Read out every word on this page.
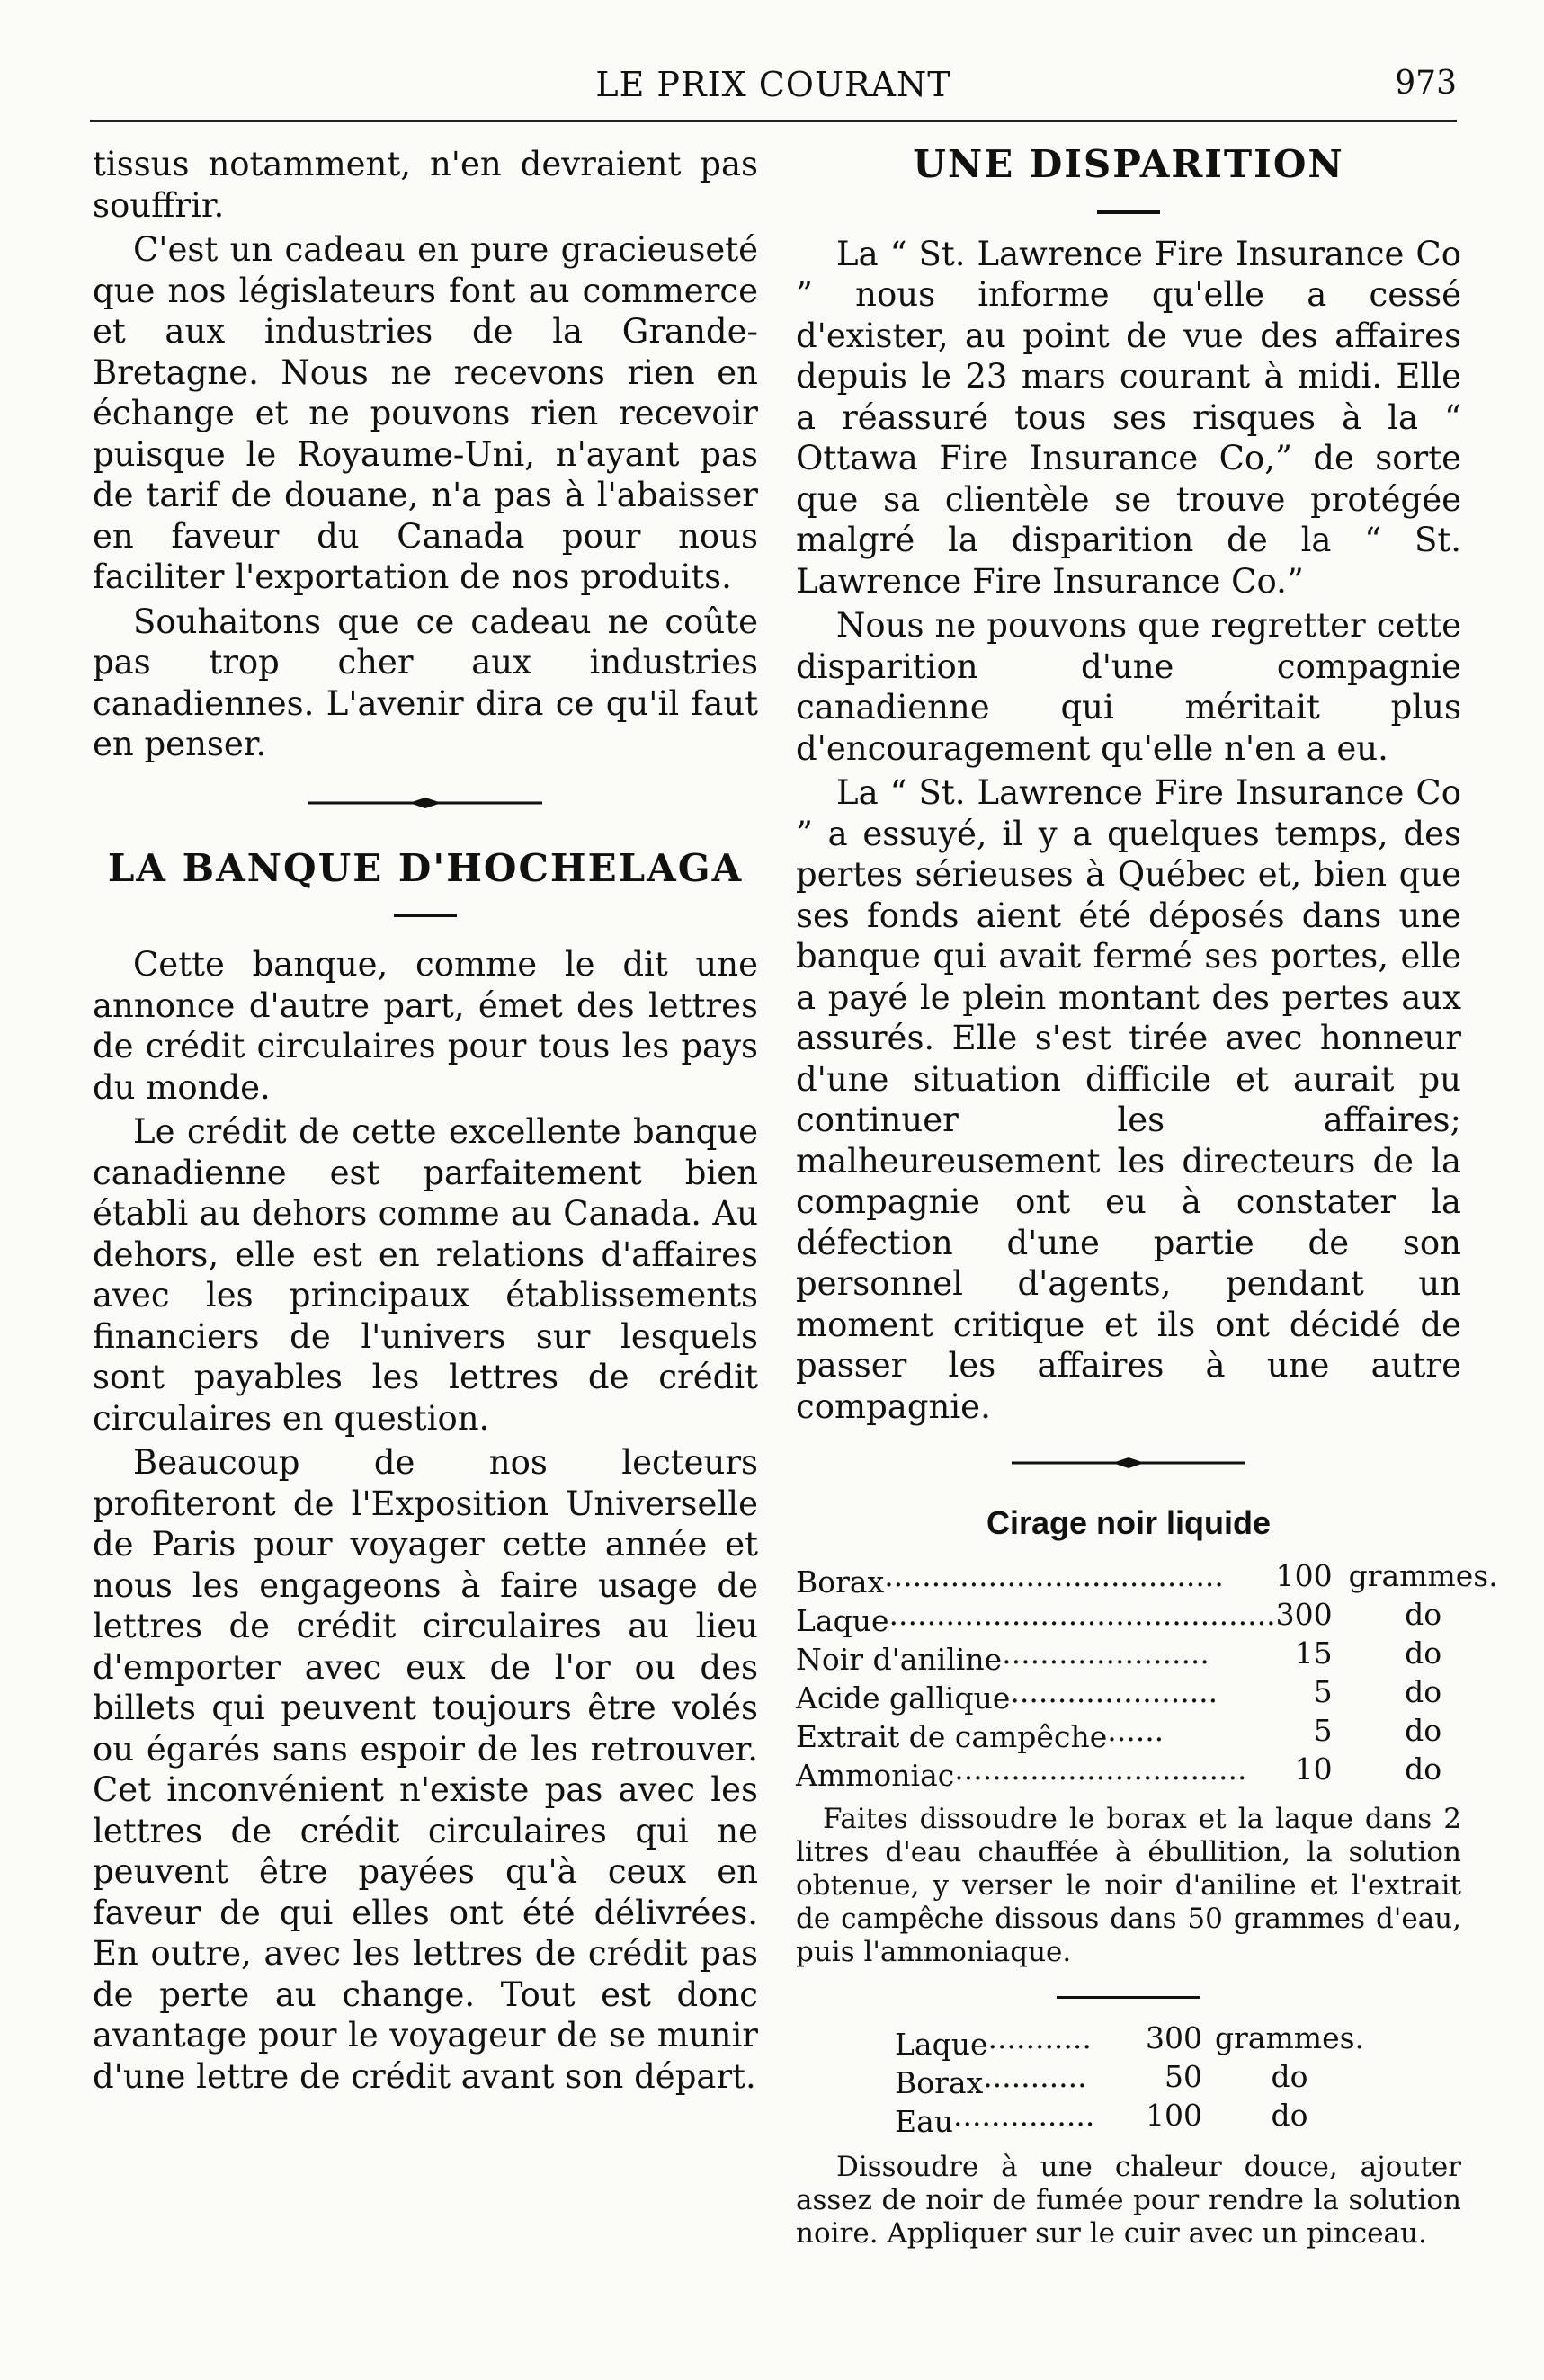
LE PRIX COURANT	973

tissus notamment, n'en devraient pas souffrir.

C'est un cadeau en pure gracieuseté que nos législateurs font au commerce et aux industries de la Grande-Bretagne. Nous ne recevons rien en échange et ne pouvons rien recevoir puisque le Royaume-Uni, n'ayant pas de tarif de douane, n'a pas à l'abaisser en faveur du Canada pour nous faciliter l'exportation de nos produits.

Souhaitons que ce cadeau ne coûte pas trop cher aux industries canadiennes. L'avenir dira ce qu'il faut en penser.

LA BANQUE D'HOCHELAGA

Cette banque, comme le dit une annonce d'autre part, émet des lettres de crédit circulaires pour tous les pays du monde.

Le crédit de cette excellente banque canadienne est parfaitement bien établi au dehors comme au Canada. Au dehors, elle est en relations d'affaires avec les principaux établissements financiers de l'univers sur lesquels sont payables les lettres de crédit circulaires en question.

Beaucoup de nos lecteurs profiteront de l'Exposition Universelle de Paris pour voyager cette année et nous les engageons à faire usage de lettres de crédit circulaires au lieu d'emporter avec eux de l'or ou des billets qui peuvent toujours être volés ou égarés sans espoir de les retrouver. Cet inconvénient n'existe pas avec les lettres de crédit circulaires qui ne peuvent être payées qu'à ceux en faveur de qui elles ont été délivrées. En outre, avec les lettres de crédit pas de perte au change. Tout est donc avantage pour le voyageur de se munir d'une lettre de crédit avant son départ.

UNE DISPARITION

La “ St. Lawrence Fire Insurance Co ” nous informe qu'elle a cessé d'exister, au point de vue des affaires depuis le 23 mars courant à midi. Elle a réassuré tous ses risques à la “ Ottawa Fire Insurance Co,” de sorte que sa clientèle se trouve protégée malgré la disparition de la “ St. Lawrence Fire Insurance Co.”

Nous ne pouvons que regretter cette disparition d'une compagnie canadienne qui méritait plus d'encouragement qu'elle n'en a eu.

La “ St. Lawrence Fire Insurance Co ” a essuyé, il y a quelques temps, des pertes sérieuses à Québec et, bien que ses fonds aient été déposés dans une banque qui avait fermé ses portes, elle a payé le plein montant des pertes aux assurés. Elle s'est tirée avec honneur d'une situation difficile et aurait pu continuer les affaires; malheureusement les directeurs de la compagnie ont eu à constater la défection d'une partie de son personnel d'agents, pendant un moment critique et ils ont décidé de passer les affaires à une autre compagnie.

Cirage noir liquide
Borax....................................	100	grammes.
Laque.........................................	300	do
Noir d'aniline......................	15	do
Acide gallique......................	5	do
Extrait de campêche......	5	do
Ammoniac...............................	10	do

Faites dissoudre le borax et la laque dans 2 litres d'eau chauffée à ébullition, la solution obtenue, y verser le noir d'aniline et l'extrait de campêche dissous dans 50 grammes d'eau, puis l'ammoniaque.

Laque...........	300	grammes.
Borax...........	50	do
Eau...............	100	do

Dissoudre à une chaleur douce, ajouter assez de noir de fumée pour rendre la solution noire. Appliquer sur le cuir avec un pinceau.
